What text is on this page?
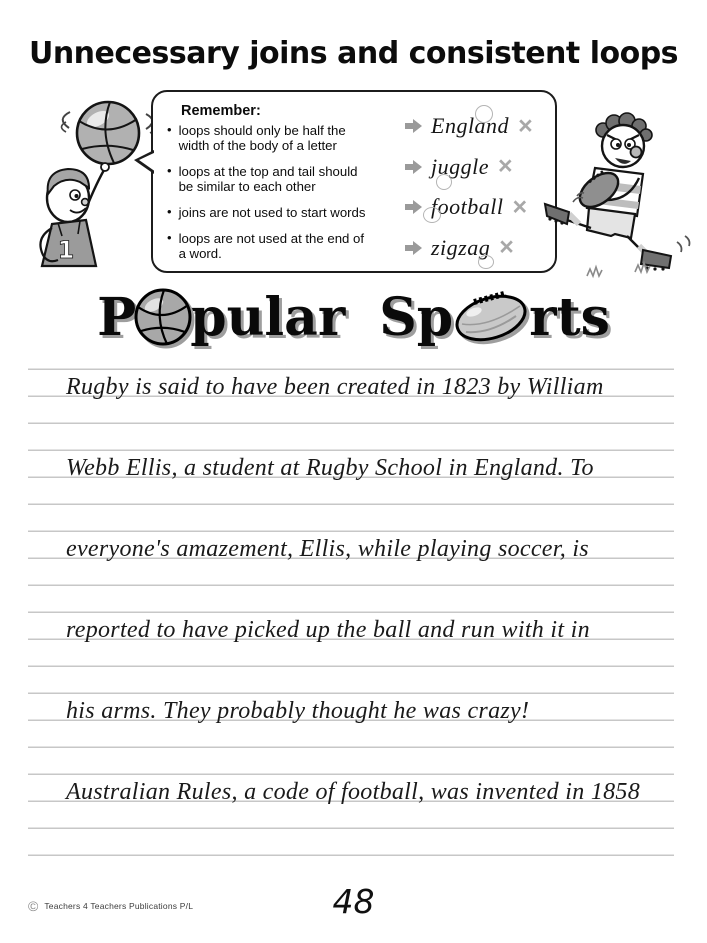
Unnecessary joins and consistent loops
1
Remember:
• loops should only be half the width of the body of a letter
• loops at the top and tail should be similar to each other
• joins are not used to start words
• loops are not used at the end of a word.
England ×
juggle ×
football ×
zigzag ×
P pular Sp rts
Rugby is said to have been created in 1823 by William
Webb Ellis, a student at Rugby School in England. To
everyone's amazement, Ellis, while playing soccer, is
reported to have picked up the ball and run with it in
his arms. They probably thought he was crazy!
Australian Rules, a code of football, was invented in 1858
© Teachers 4 Teachers Publications P/L	48
